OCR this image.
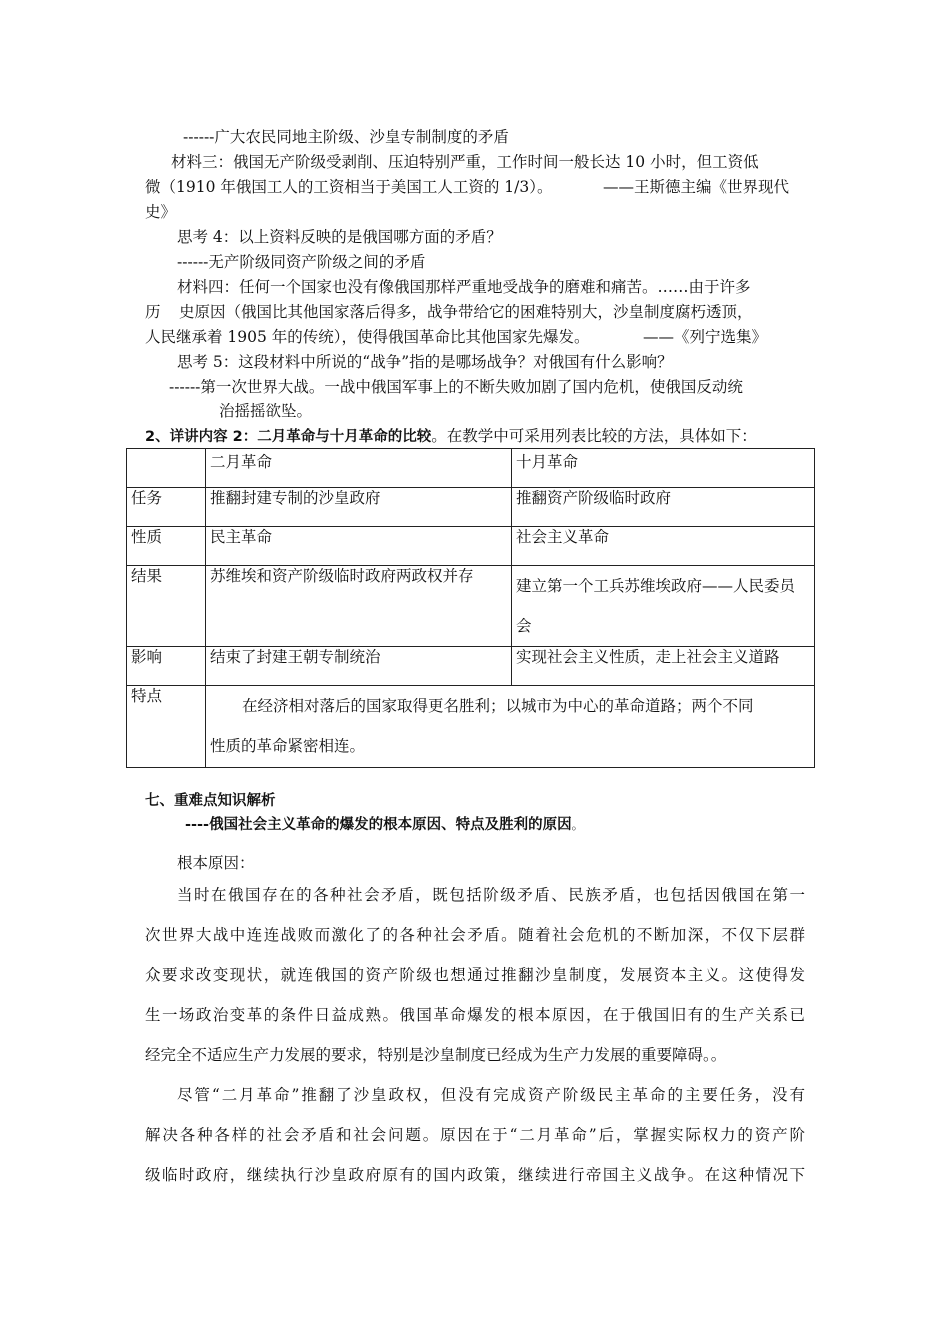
------广大农民同地主阶级、沙皇专制制度的矛盾
材料三：俄国无产阶级受剥削、压迫特别严重，工作时间一般长达 10 小时，但工资低
微（1910 年俄国工人的工资相当于美国工人工资的 1/3）。	——王斯德主编《世界现代
史》
思考 4：以上资料反映的是俄国哪方面的矛盾？
------无产阶级同资产阶级之间的矛盾
材料四：任何一个国家也没有像俄国那样严重地受战争的磨难和痛苦。……由于许多
历 史原因（俄国比其他国家落后得多，战争带给它的困难特别大，沙皇制度腐朽透顶，
人民继承着 1905 年的传统），使得俄国革命比其他国家先爆发。	——《列宁选集》
思考 5：这段材料中所说的“战争”指的是哪场战争？对俄国有什么影响？
------第一次世界大战。一战中俄国军事上的不断失败加剧了国内危机，使俄国反动统
治摇摇欲坠。
2、详讲内容 2：二月革命与十月革命的比较。在教学中可采用列表比较的方法，具体如下：
	二月革命	十月革命
任务	推翻封建专制的沙皇政府	推翻资产阶级临时政府
性质	民主革命	社会主义革命
结果	苏维埃和资产阶级临时政府两政权并存	建立第一个工兵苏维埃政府——人民委员会
影响	结束了封建王朝专制统治	实现社会主义性质，走上社会主义道路
特点	在经济相对落后的国家取得更名胜利；以城市为中心的革命道路；两个不同
性质的革命紧密相连。	
七、重难点知识解析
----俄国社会主义革命的爆发的根本原因、特点及胜利的原因。
根本原因：
当时在俄国存在的各种社会矛盾，既包括阶级矛盾、民族矛盾，也包括因俄国在第一
次世界大战中连连战败而激化了的各种社会矛盾。随着社会危机的不断加深，不仅下层群
众要求改变现状，就连俄国的资产阶级也想通过推翻沙皇制度，发展资本主义。这使得发
生一场政治变革的条件日益成熟。俄国革命爆发的根本原因，在于俄国旧有的生产关系已
经完全不适应生产力发展的要求，特别是沙皇制度已经成为生产力发展的重要障碍。。
尽管“二月革命”推翻了沙皇政权，但没有完成资产阶级民主革命的主要任务，没有
解决各种各样的社会矛盾和社会问题。原因在于“二月革命”后，掌握实际权力的资产阶
级临时政府，继续执行沙皇政府原有的国内政策，继续进行帝国主义战争。在这种情况下
